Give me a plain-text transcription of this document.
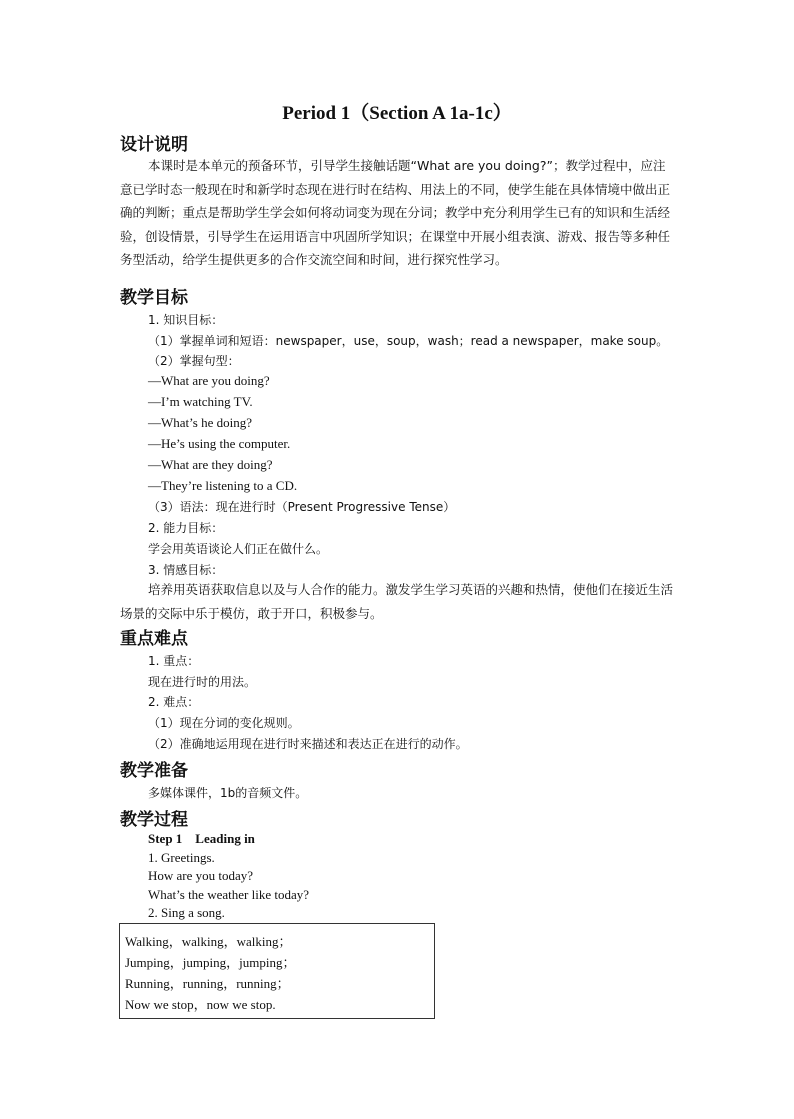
Period 1（Section A 1a-1c）
设计说明
本课时是本单元的预备环节，引导学生接触话题“What are you doing?”；教学过程中，应注意已学时态一般现在时和新学时态现在进行时在结构、用法上的不同，使学生能在具体情境中做出正确的判断；重点是帮助学生学会如何将动词变为现在分词；教学中充分利用学生已有的知识和生活经验，创设情景，引导学生在运用语言中巩固所学知识；在课堂中开展小组表演、游戏、报告等多种任务型活动，给学生提供更多的合作交流空间和时间，进行探究性学习。
教学目标
1. 知识目标：
（1）掌握单词和短语：newspaper，use，soup，wash；read a newspaper，make soup。
（2）掌握句型：
—What are you doing?
—I’m watching TV.
—What’s he doing?
—He’s using the computer.
—What are they doing?
—They’re listening to a CD.
（3）语法：现在进行时（Present Progressive Tense）
2. 能力目标：
学会用英语谈论人们正在做什么。
3. 情感目标：
培养用英语获取信息以及与人合作的能力。激发学生学习英语的兴趣和热情，使他们在接近生活场景的交际中乐于模仿，敢于开口，积极参与。
重点难点
1. 重点：
现在进行时的用法。
2. 难点：
（1）现在分词的变化规则。
（2）准确地运用现在进行时来描述和表达正在进行的动作。
教学准备
多媒体课件，1b的音频文件。
教学过程
Step 1    Leading in
1. Greetings.
How are you today?
What’s the weather like today?
2. Sing a song.
Walking，walking，walking；
Jumping，jumping，jumping；
Running，running，running；
Now we stop，now we stop.
